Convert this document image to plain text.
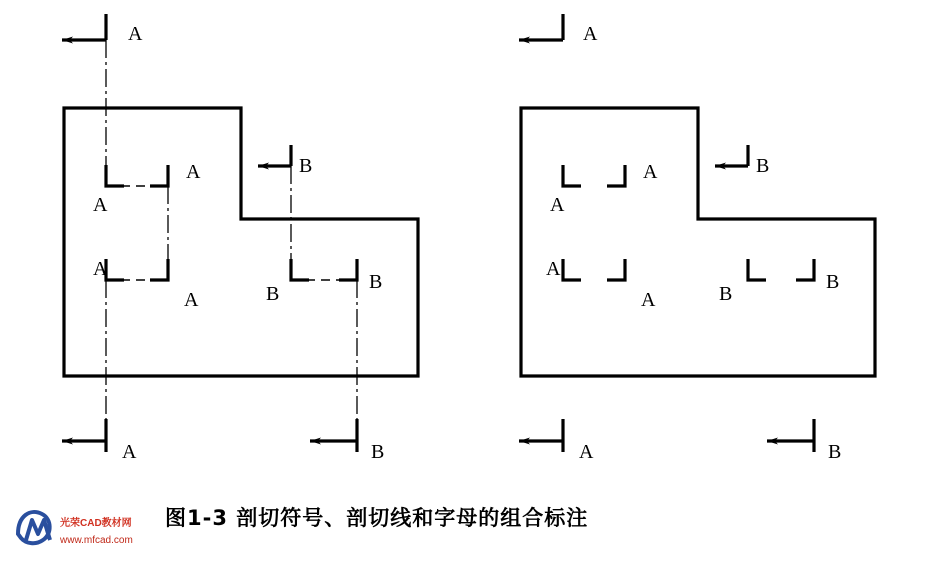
A
A	B
A
A
A
A
B
B
B
A
A	B
A
A
A
A
B
B
B
光荣CAD教材网
www.mfcad.com
图1-3 剖切符号、剖切线和字母的组合标注
